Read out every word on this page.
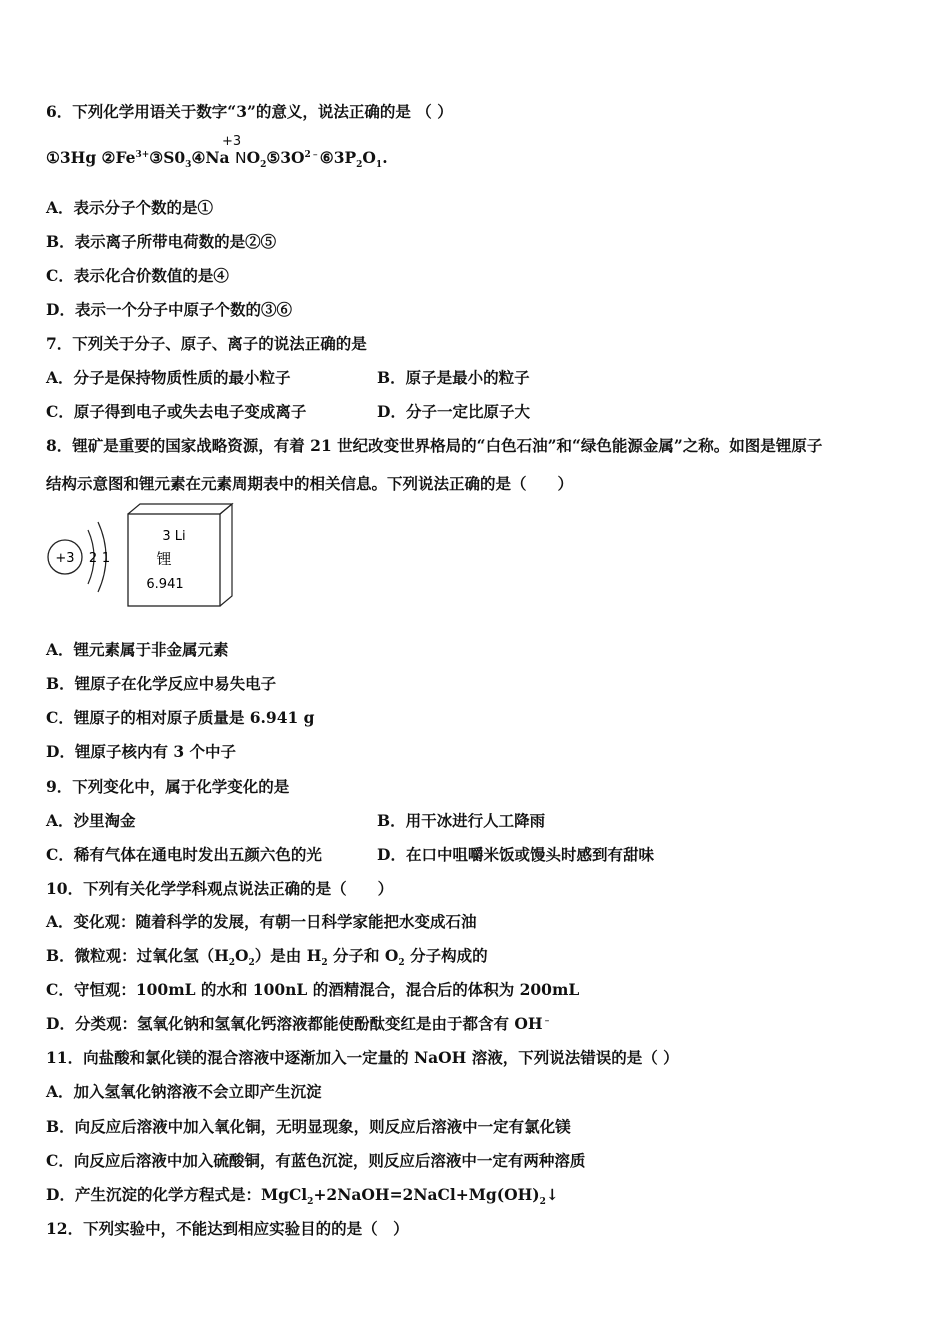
6．下列化学用语关于数字“3”的意义，说法正确的是 （ ）
+3
①3Hg $②Fe^{3+}③S0_3④Na$ $NO_2⑤3O^{2﹣}⑥3P_2O_1$.
A．表示分子个数的是①
B．表示离子所带电荷数的是②⑤
C．表示化合价数值的是④
D．表示一个分子中原子个数的③⑥
7．下列关于分子、原子、离子的说法正确的是
A．分子是保持物质性质的最小粒子	B．原子是最小的粒子
C．原子得到电子或失去电子变成离子	D．分子一定比原子大
8．锂矿是重要的国家战略资源，有着 21 世纪改变世界格局的“白色石油”和“绿色能源金属”之称。如图是锂原子
结构示意图和锂元素在元素周期表中的相关信息。下列说法正确的是（　　）
+3 2 1
3 Li
锂
6.941
A．锂元素属于非金属元素
B．锂原子在化学反应中易失电子
C．锂原子的相对原子质量是 6.941 g
D．锂原子核内有 3 个中子
9．下列变化中，属于化学变化的是
A．沙里淘金	B．用干冰进行人工降雨
C．稀有气体在通电时发出五颜六色的光	D．在口中咀嚼米饭或馒头时感到有甜味
10．下列有关化学学科观点说法正确的是（　　）
A．变化观：随着科学的发展，有朝一日科学家能把水变成石油
B．微粒观：过氧化氢$(H_2O_2)$是由 $H_2$ 分子和 $O_2$ 分子构成的
C．守恒观：100mL 的水和 100nL 的酒精混合，混合后的体积为 200mL
D．分类观：氢氧化钠和氢氧化钙溶液都能使酚酞变红是由于都含有 OH﹣
11．向盐酸和氯化镁的混合溶液中逐渐加入一定量的 NaOH 溶液，下列说法错误的是（ ）
A．加入氢氧化钠溶液不会立即产生沉淀
B．向反应后溶液中加入氧化铜，无明显现象，则反应后溶液中一定有氯化镁
C．向反应后溶液中加入硫酸铜，有蓝色沉淀，则反应后溶液中一定有两种溶质
D．产生沉淀的化学方程式是：$MgCl_2+2NaOH=2NaCl+Mg(OH)_2↓$
12．下列实验中，不能达到相应实验目的的是（　）
